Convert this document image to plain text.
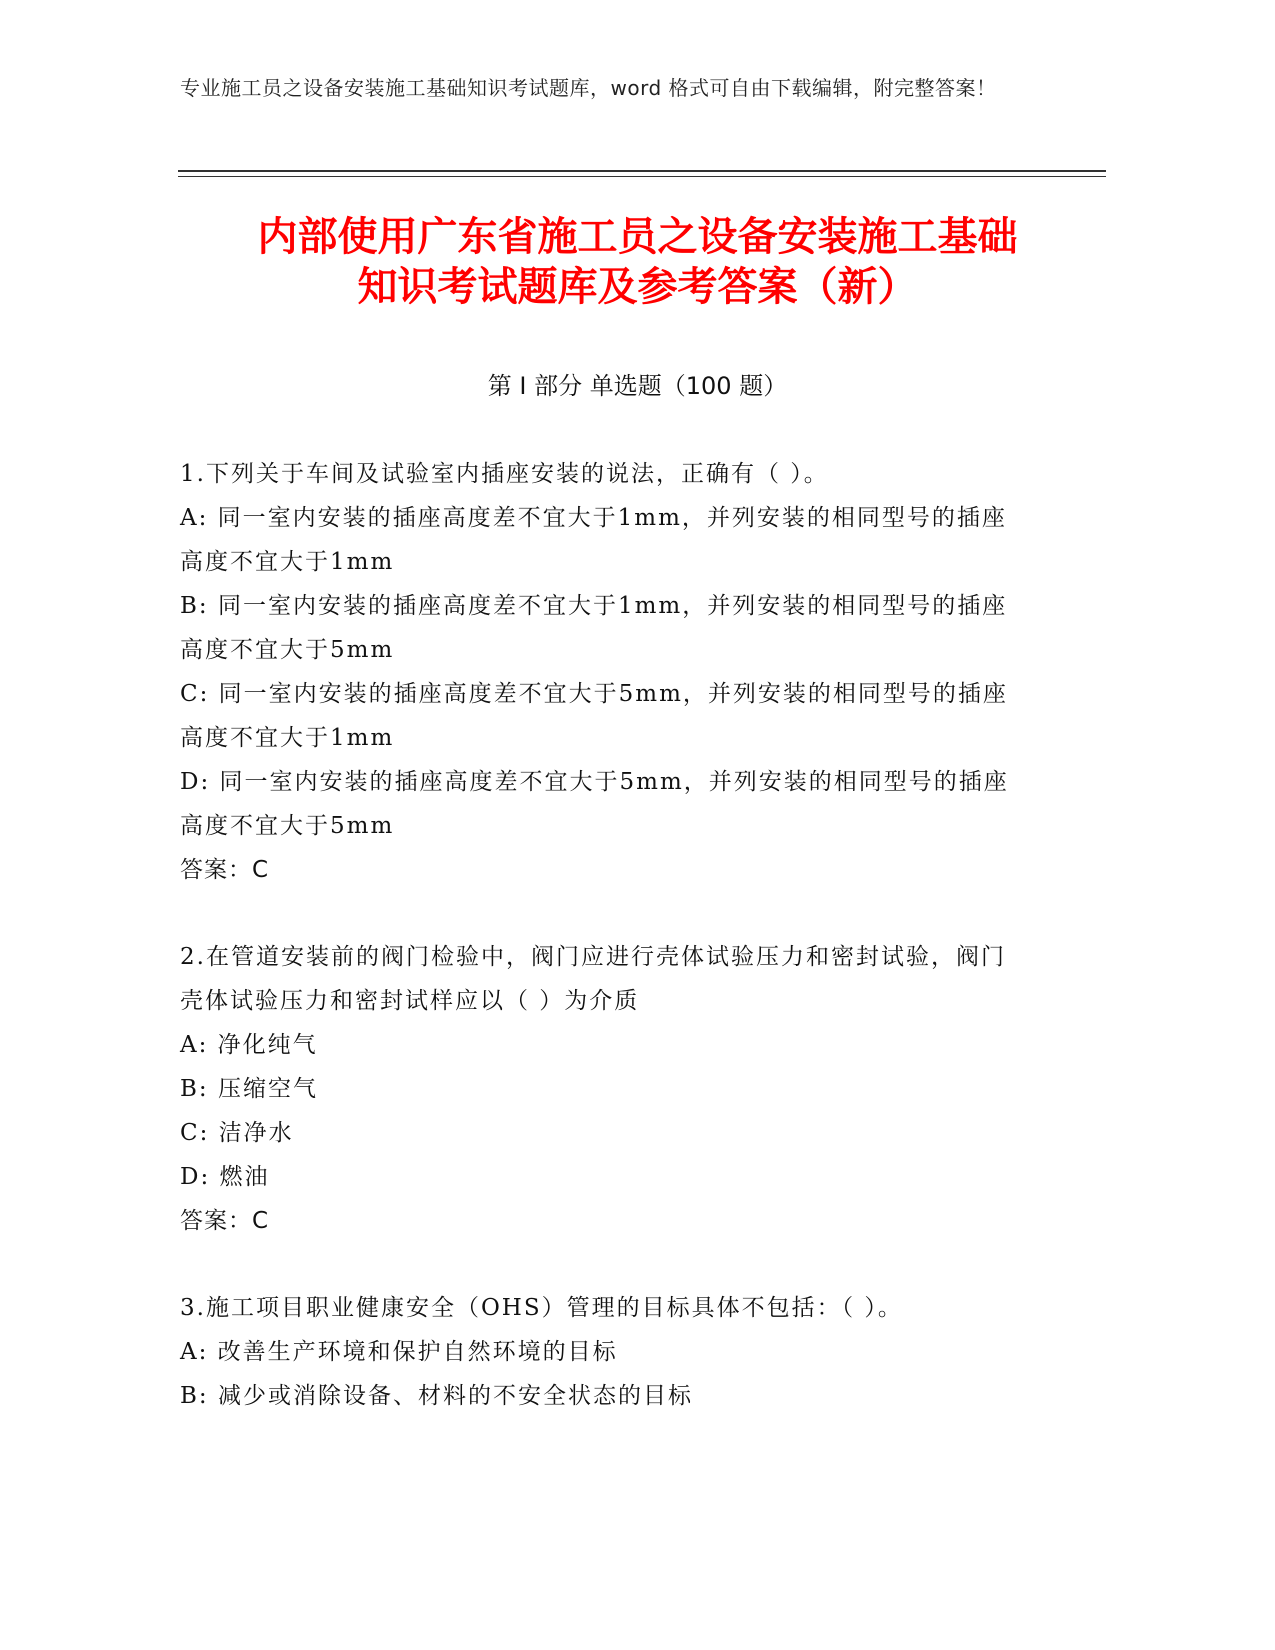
专业施工员之设备安装施工基础知识考试题库，word 格式可自由下载编辑，附完整答案！
内部使用广东省施工员之设备安装施工基础
知识考试题库及参考答案（新）
第 I 部分 单选题（100 题）
1.下列关于车间及试验室内插座安装的说法，正确有（ ）。
A: 同一室内安装的插座高度差不宜大于1mm，并列安装的相同型号的插座高度不宜大于1mm
B: 同一室内安装的插座高度差不宜大于1mm，并列安装的相同型号的插座高度不宜大于5mm
C: 同一室内安装的插座高度差不宜大于5mm，并列安装的相同型号的插座高度不宜大于1mm
D: 同一室内安装的插座高度差不宜大于5mm，并列安装的相同型号的插座高度不宜大于5mm
答案：C
2.在管道安装前的阀门检验中，阀门应进行壳体试验压力和密封试验，阀门壳体试验压力和密封试样应以（ ）为介质
A: 净化纯气
B: 压缩空气
C: 洁净水
D: 燃油
答案：C
3.施工项目职业健康安全（OHS）管理的目标具体不包括：（ ）。
A: 改善生产环境和保护自然环境的目标
B: 减少或消除设备、材料的不安全状态的目标
